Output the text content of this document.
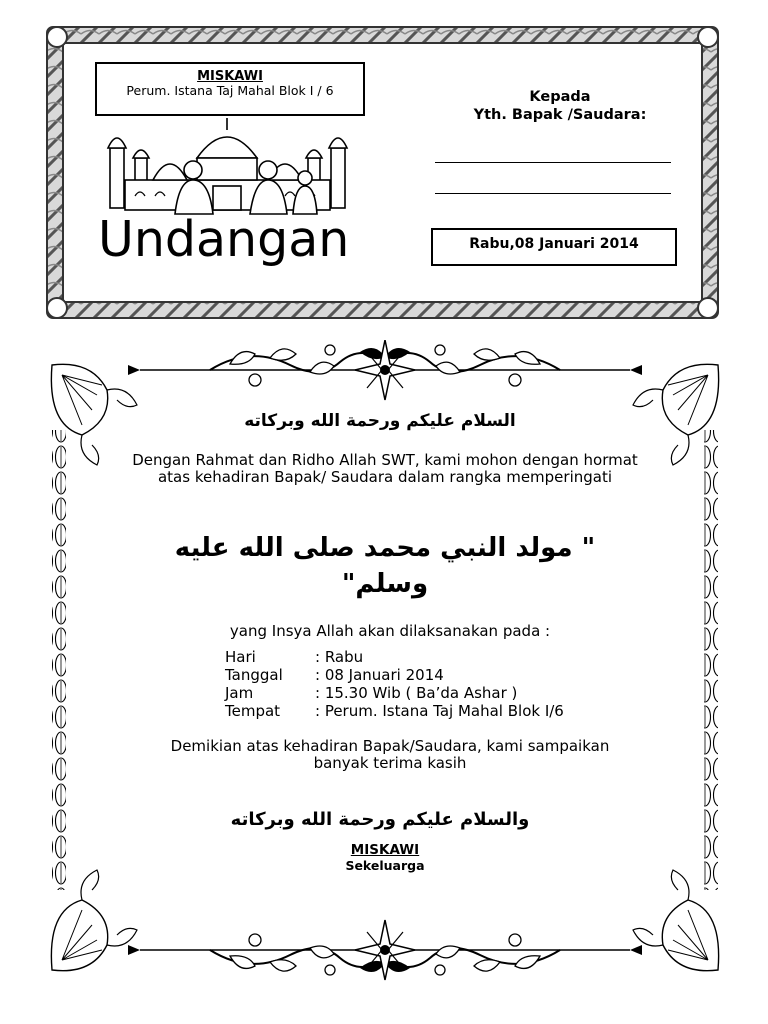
MISKAWI
Perum. Istana Taj Mahal Blok I / 6
Undangan
Kepada
Yth. Bapak /Saudara:
Rabu,08 Januari 2014
السلام عليكم ورحمة الله وبركاته
Dengan Rahmat dan Ridho Allah SWT, kami mohon dengan hormat atas kehadiran Bapak/ Saudara dalam rangka memperingati
" مولد النبي محمد صلى الله عليه وسلم"
yang Insya Allah akan dilaksanakan pada :
Hari	: Rabu
Tanggal	: 08 Januari 2014
Jam	: 15.30 Wib ( Ba’da Ashar )
Tempat	: Perum. Istana Taj Mahal Blok I/6
Demikian atas kehadiran Bapak/Saudara, kami sampaikan
banyak terima kasih
والسلام عليكم ورحمة الله وبركاته
MISKAWI
Sekeluarga
